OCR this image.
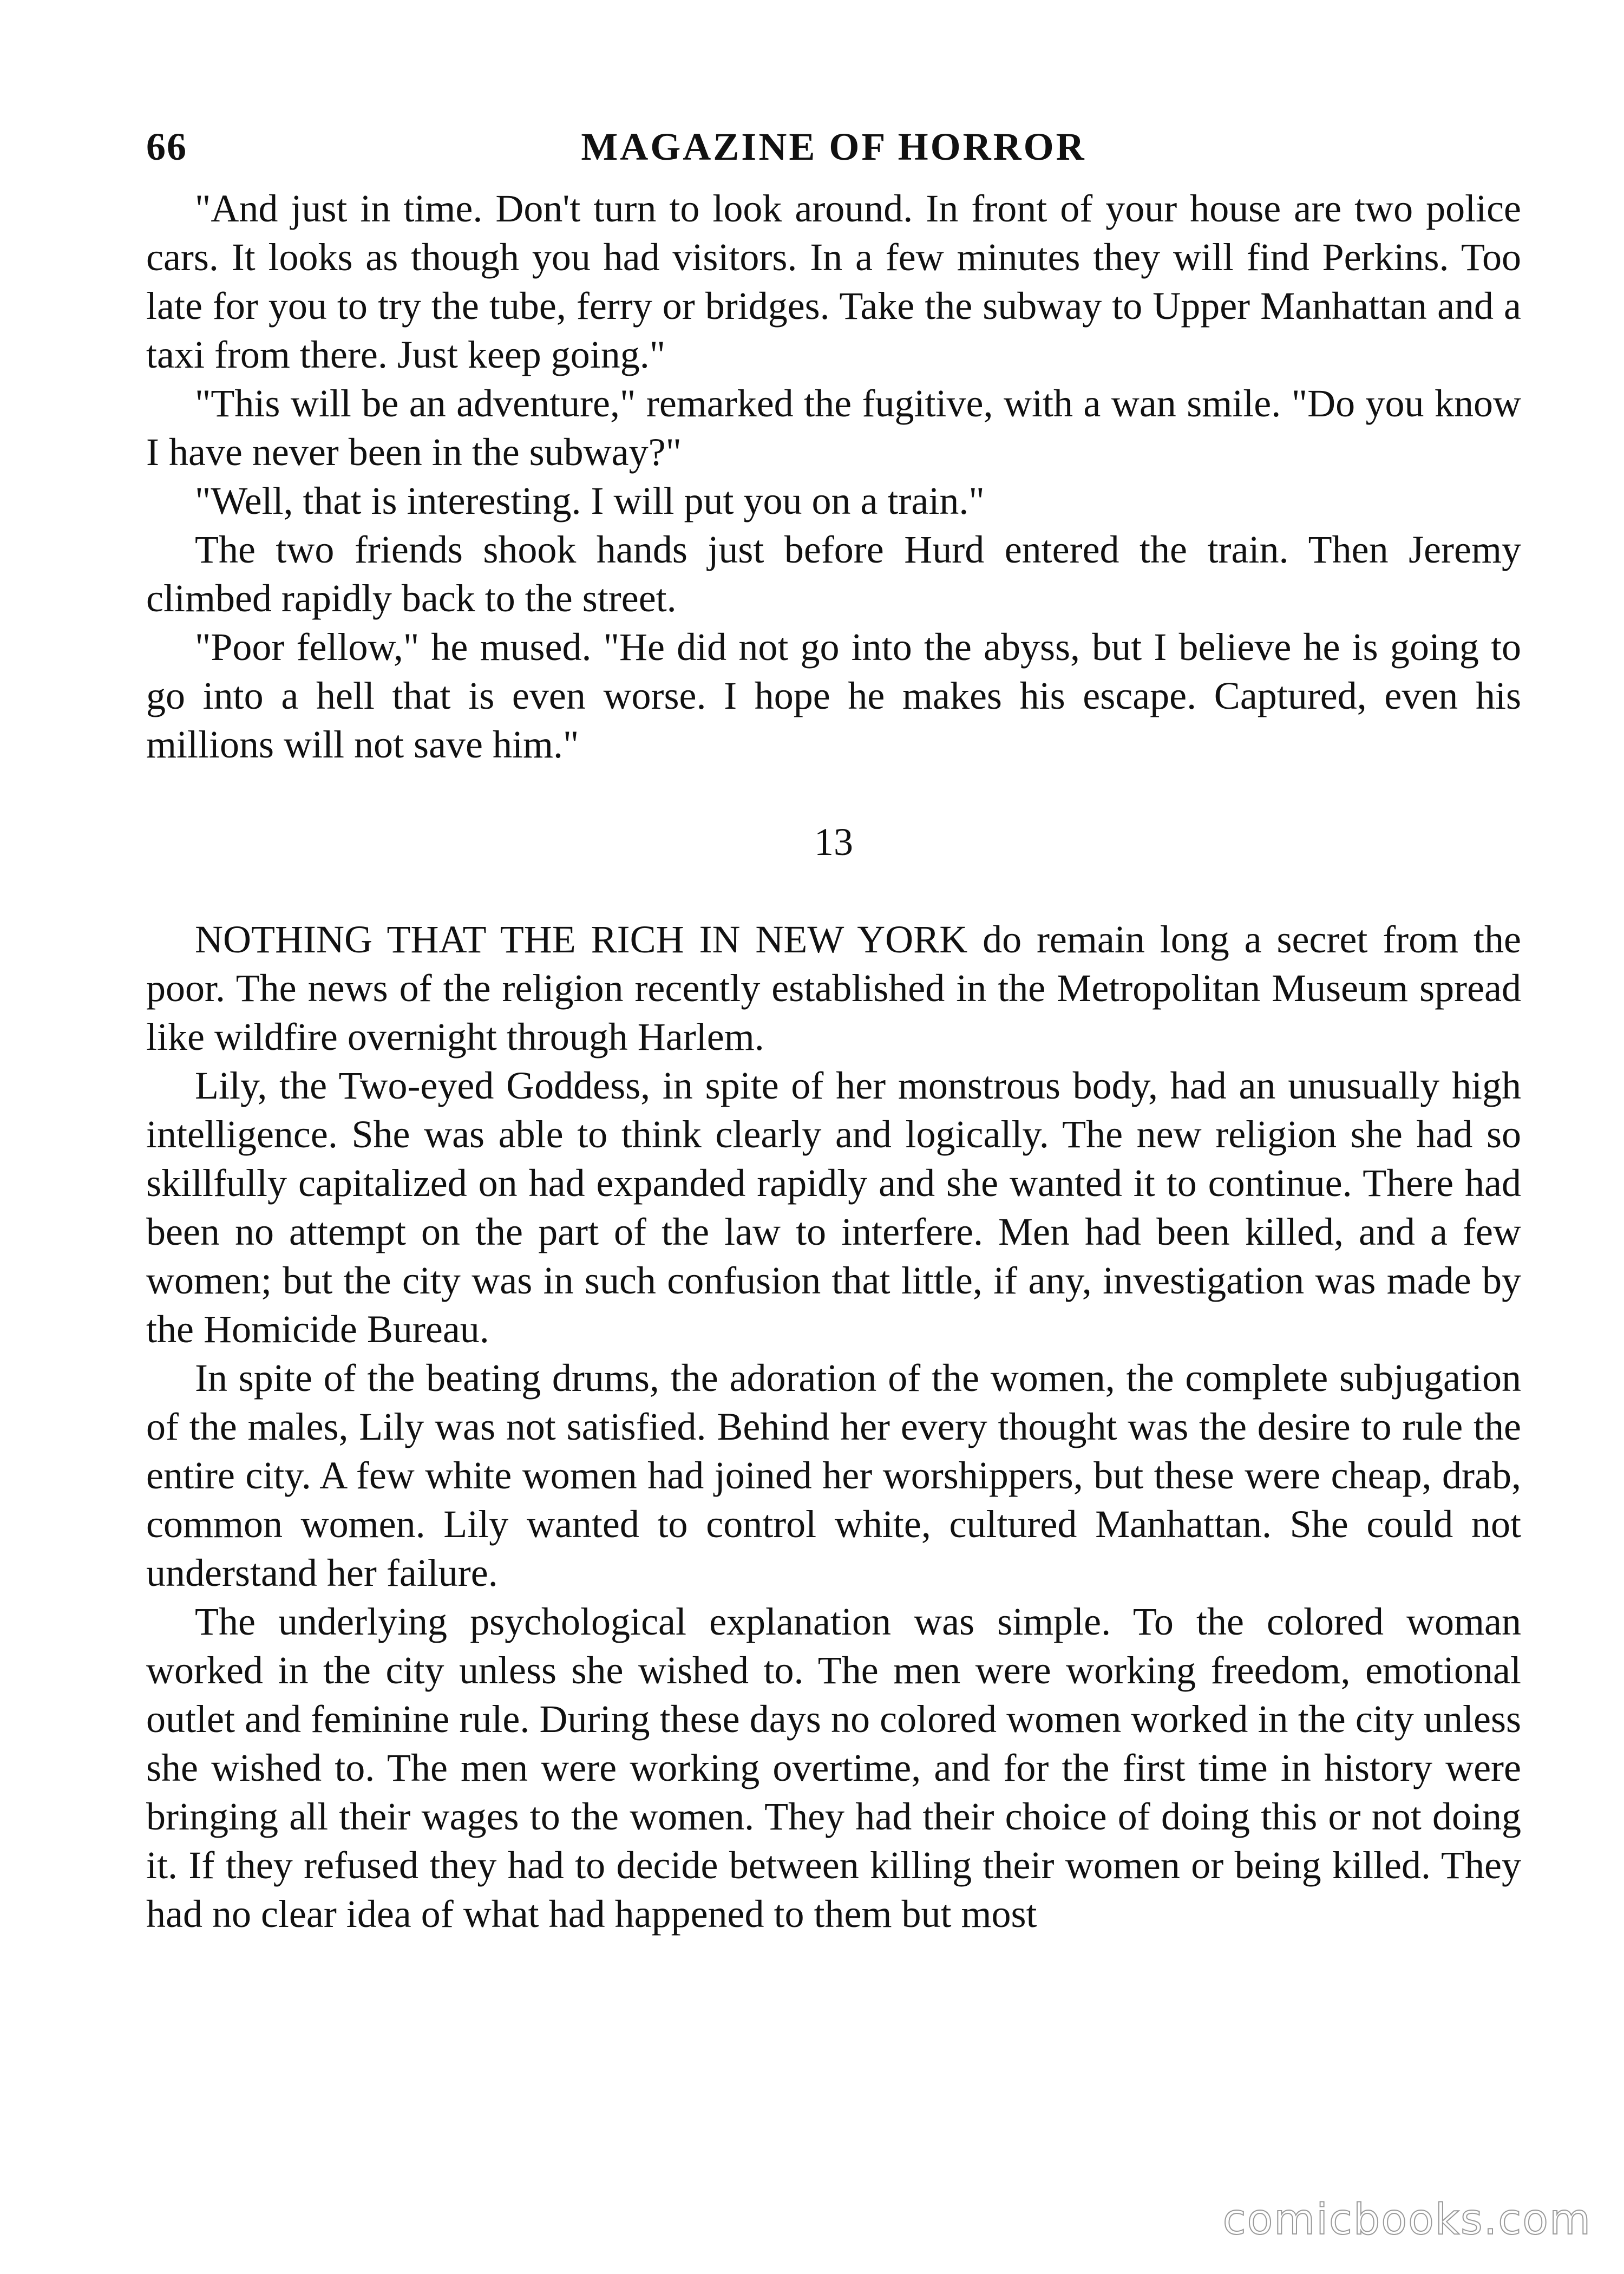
66	MAGAZINE OF HORROR

"And just in time. Don't turn to look around. In front of your house are two police cars. It looks as though you had visitors. In a few minutes they will find Perkins. Too late for you to try the tube, ferry or bridges. Take the subway to Upper Manhattan and a taxi from there. Just keep going."

"This will be an adventure," remarked the fugitive, with a wan smile. "Do you know I have never been in the subway?"

"Well, that is interesting. I will put you on a train."

The two friends shook hands just before Hurd entered the train. Then Jeremy climbed rapidly back to the street.

"Poor fellow," he mused. "He did not go into the abyss, but I believe he is going to go into a hell that is even worse. I hope he makes his escape. Captured, even his millions will not save him."

13

NOTHING THAT THE RICH IN NEW YORK do remain long a secret from the poor. The news of the religion recently established in the Metropolitan Museum spread like wildfire overnight through Harlem.

Lily, the Two-eyed Goddess, in spite of her monstrous body, had an unusually high intelligence. She was able to think clearly and logically. The new religion she had so skillfully capitalized on had expanded rapidly and she wanted it to continue. There had been no attempt on the part of the law to interfere. Men had been killed, and a few women; but the city was in such confusion that little, if any, investigation was made by the Homicide Bureau.

In spite of the beating drums, the adoration of the women, the complete subjugation of the males, Lily was not satisfied. Behind her every thought was the desire to rule the entire city. A few white women had joined her worshippers, but these were cheap, drab, common women. Lily wanted to control white, cultured Manhattan. She could not understand her failure.

The underlying psychological explanation was simple. To the colored woman worked in the city unless she wished to. The men were working freedom, emotional outlet and feminine rule. During these days no colored women worked in the city unless she wished to. The men were working overtime, and for the first time in history were bringing all their wages to the women. They had their choice of doing this or not doing it. If they refused they had to decide between killing their women or being killed. They had no clear idea of what had happened to them but most

comicbooks.com
